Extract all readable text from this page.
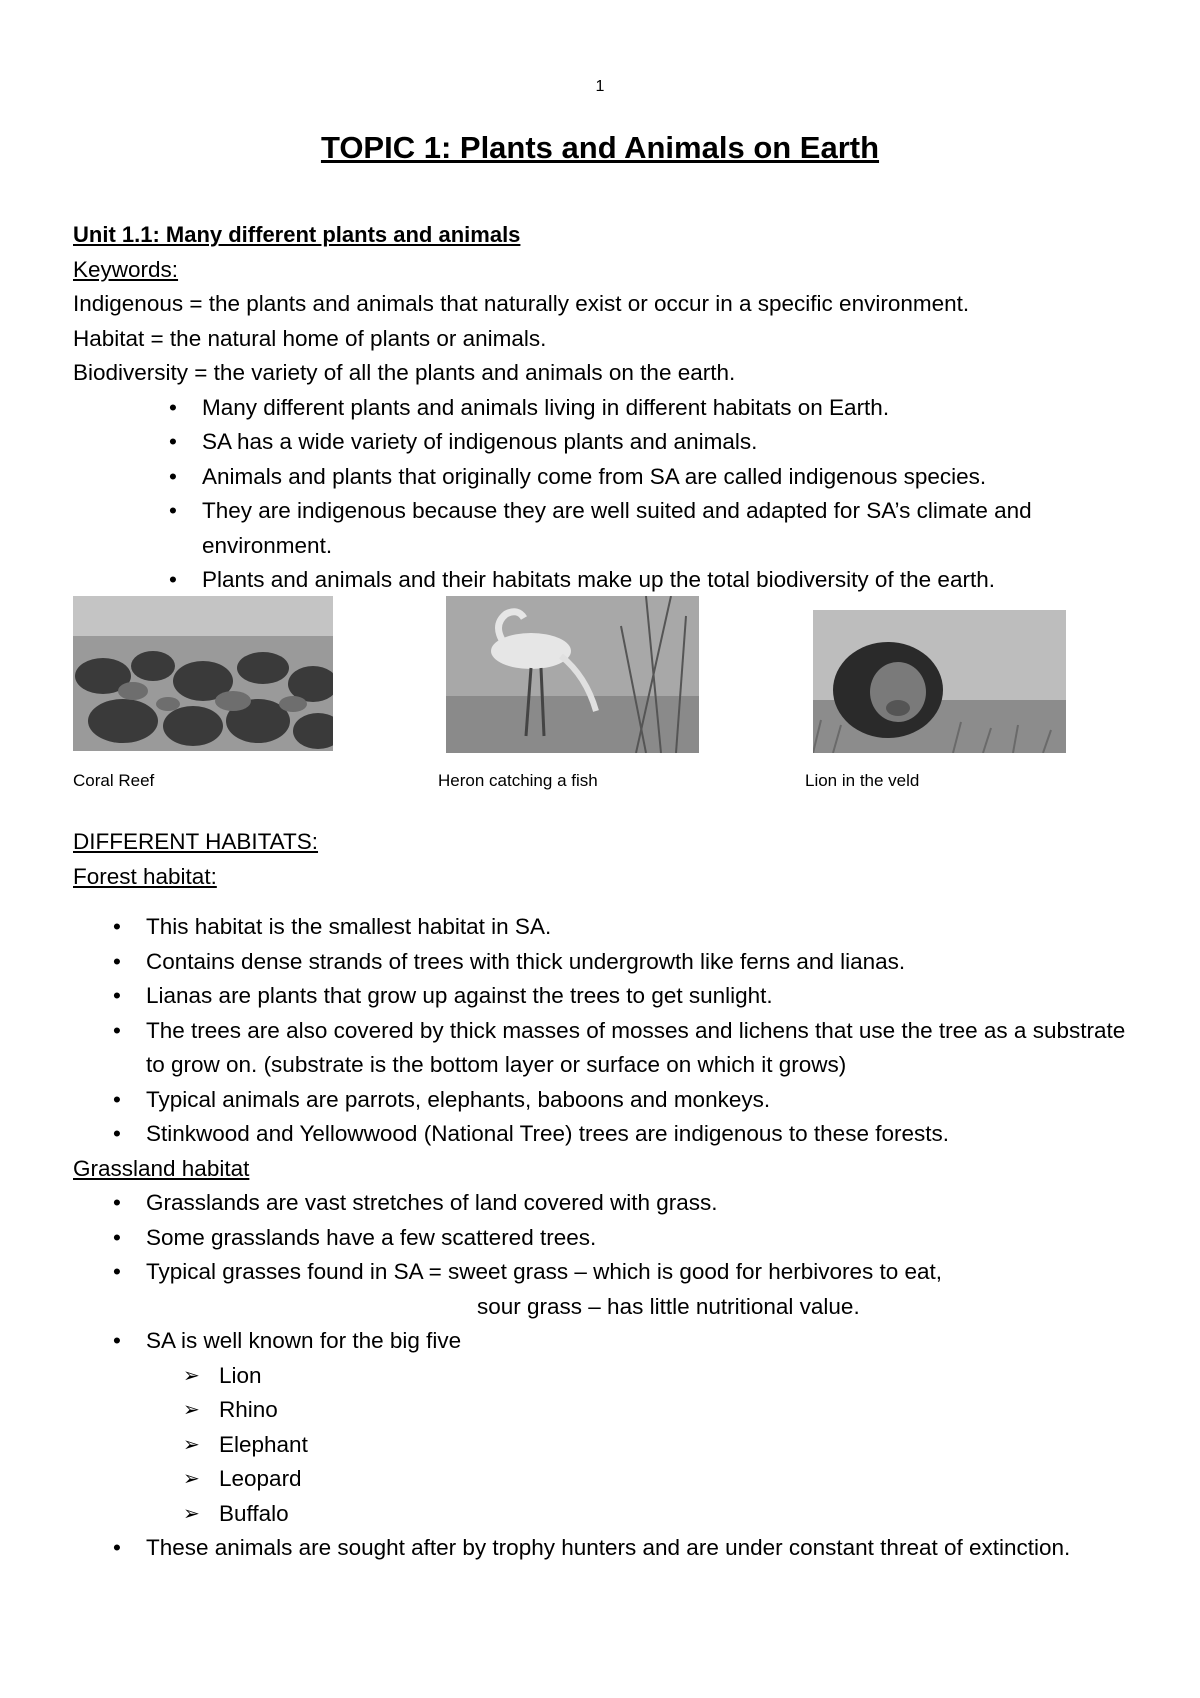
1
TOPIC 1: Plants and Animals on Earth
Unit 1.1: Many different plants and animals
Keywords:
Indigenous = the plants and animals that naturally exist or occur in a specific environment.
Habitat = the natural home of plants or animals.
Biodiversity = the variety of all the plants and animals on the earth.
• Many different plants and animals living in different habitats on Earth.
• SA has a wide variety of indigenous plants and animals.
• Animals and plants that originally come from SA are called indigenous species.
• They are indigenous because they are well suited and adapted for SA’s climate and environment.
• Plants and animals and their habitats make up the total biodiversity of the earth.
Coral Reef	Heron catching a fish	Lion in the veld
DIFFERENT HABITATS:
Forest habitat:
• This habitat is the smallest habitat in SA.
• Contains dense strands of trees with thick undergrowth like ferns and lianas.
• Lianas are plants that grow up against the trees to get sunlight.
• The trees are also covered by thick masses of mosses and lichens that use the tree as a substrate to grow on. (substrate is the bottom layer or surface on which it grows)
• Typical animals are parrots, elephants, baboons and monkeys.
• Stinkwood and Yellowwood (National Tree) trees are indigenous to these forests.
Grassland habitat
• Grasslands are vast stretches of land covered with grass.
• Some grasslands have a few scattered trees.
• Typical grasses found in SA = sweet grass – which is good for herbivores to eat,
sour grass – has little nutritional value.
• SA is well known for the big five
➢ Lion
➢ Rhino
➢ Elephant
➢ Leopard
➢ Buffalo
• These animals are sought after by trophy hunters and are under constant threat of extinction.
